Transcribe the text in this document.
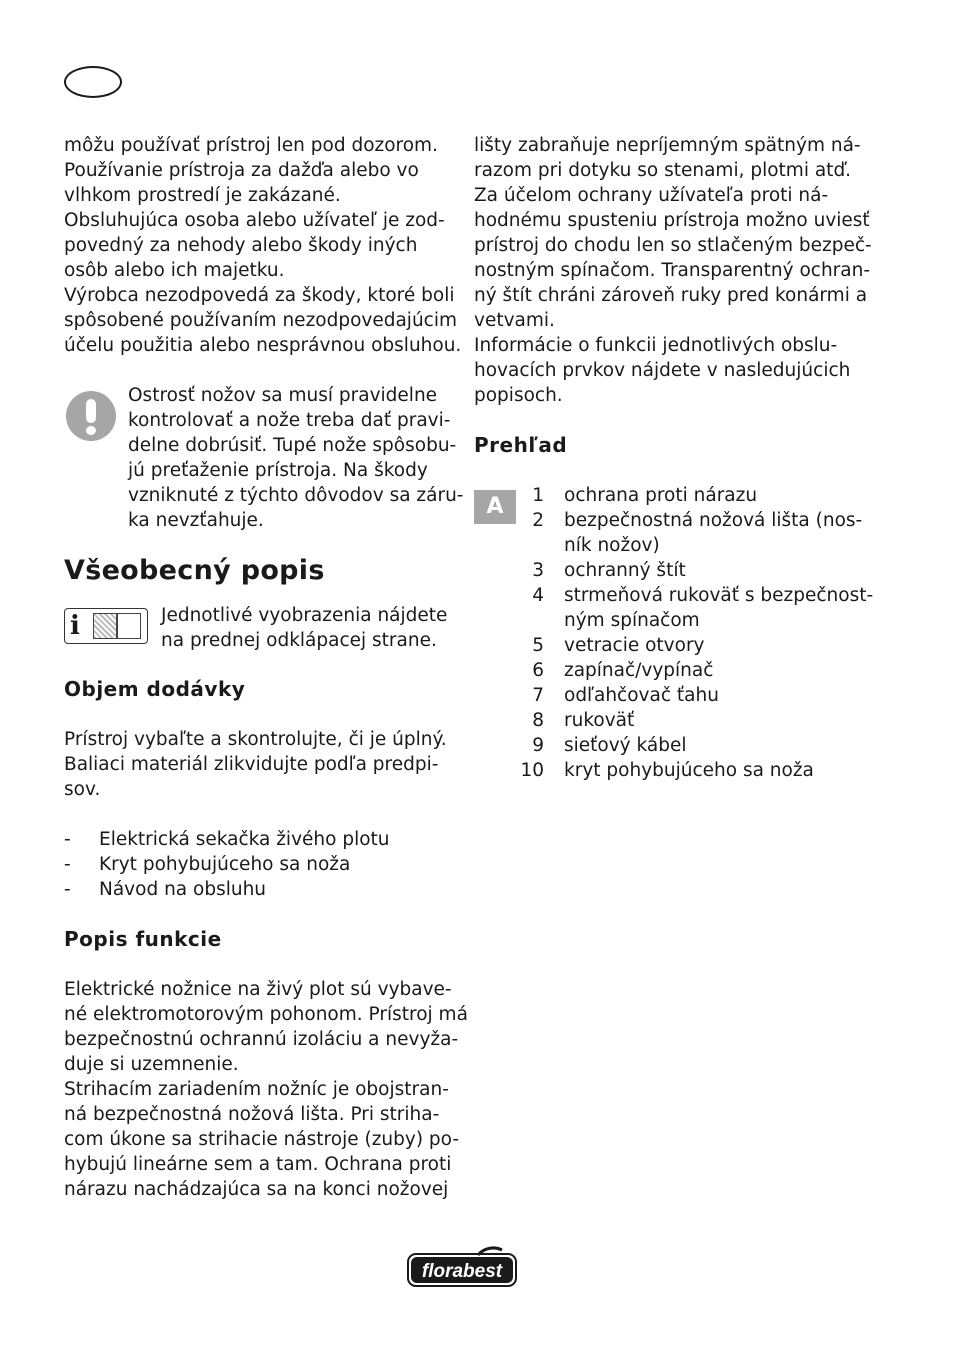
môžu používať prístroj len pod dozorom.
Používanie prístroja za dažďa alebo vo
vlhkom prostredí je zakázané.
Obsluhujúca osoba alebo užívateľ je zod-
povedný za nehody alebo škody iných
osôb alebo ich majetku.
Výrobca nezodpovedá za škody, ktoré boli
spôsobené používaním nezodpovedajúcim
účelu použitia alebo nesprávnou obsluhou.
Ostrosť nožov sa musí pravidelne
kontrolovať a nože treba dať pravi-
delne dobrúsiť. Tupé nože spôsobu-
jú preťaženie prístroja. Na škody
vzniknuté z týchto dôvodov sa záru-
ka nevzťahuje.
Všeobecný popis
i	Jednotlivé vyobrazenia nájdete
na prednej odklápacej strane.
Objem dodávky
Prístroj vybaľte a skontrolujte, či je úplný.
Baliaci materiál zlikvidujte podľa predpi-
sov.
- Elektrická sekačka živého plotu
- Kryt pohybujúceho sa noža
- Návod na obsluhu
Popis funkcie
Elektrické nožnice na živý plot sú vybave-
né elektromotorovým pohonom. Prístroj má
bezpečnostnú ochrannú izoláciu a nevyža-
duje si uzemnenie.
Strihacím zariadením nožníc je obojstran-
ná bezpečnostná nožová lišta. Pri striha-
com úkone sa strihacie nástroje (zuby) po-
hybujú lineárne sem a tam. Ochrana proti
nárazu nachádzajúca sa na konci nožovej
lišty zabraňuje nepríjemným spätným ná-
razom pri dotyku so stenami, plotmi atď.
Za účelom ochrany užívateľa proti ná-
hodnému spusteniu prístroja možno uviesť
prístroj do chodu len so stlačeným bezpeč-
nostným spínačom. Transparentný ochran-
ný štít chráni zároveň ruky pred konármi a
vetvami.
Informácie o funkcii jednotlivých obslu-
hovacích prvkov nájdete v nasledujúcich
popisoch.
Prehľad
A	1 ochrana proti nárazu
2 bezpečnostná nožová lišta (nos-
ník nožov)
3 ochranný štít
4 strmeňová rukoväť s bezpečnost-
ným spínačom
5 vetracie otvory
6 zapínač/vypínač
7 odľahčovač ťahu
8 rukoväť
9 sieťový kábel
10 kryt pohybujúceho sa noža
florabest
